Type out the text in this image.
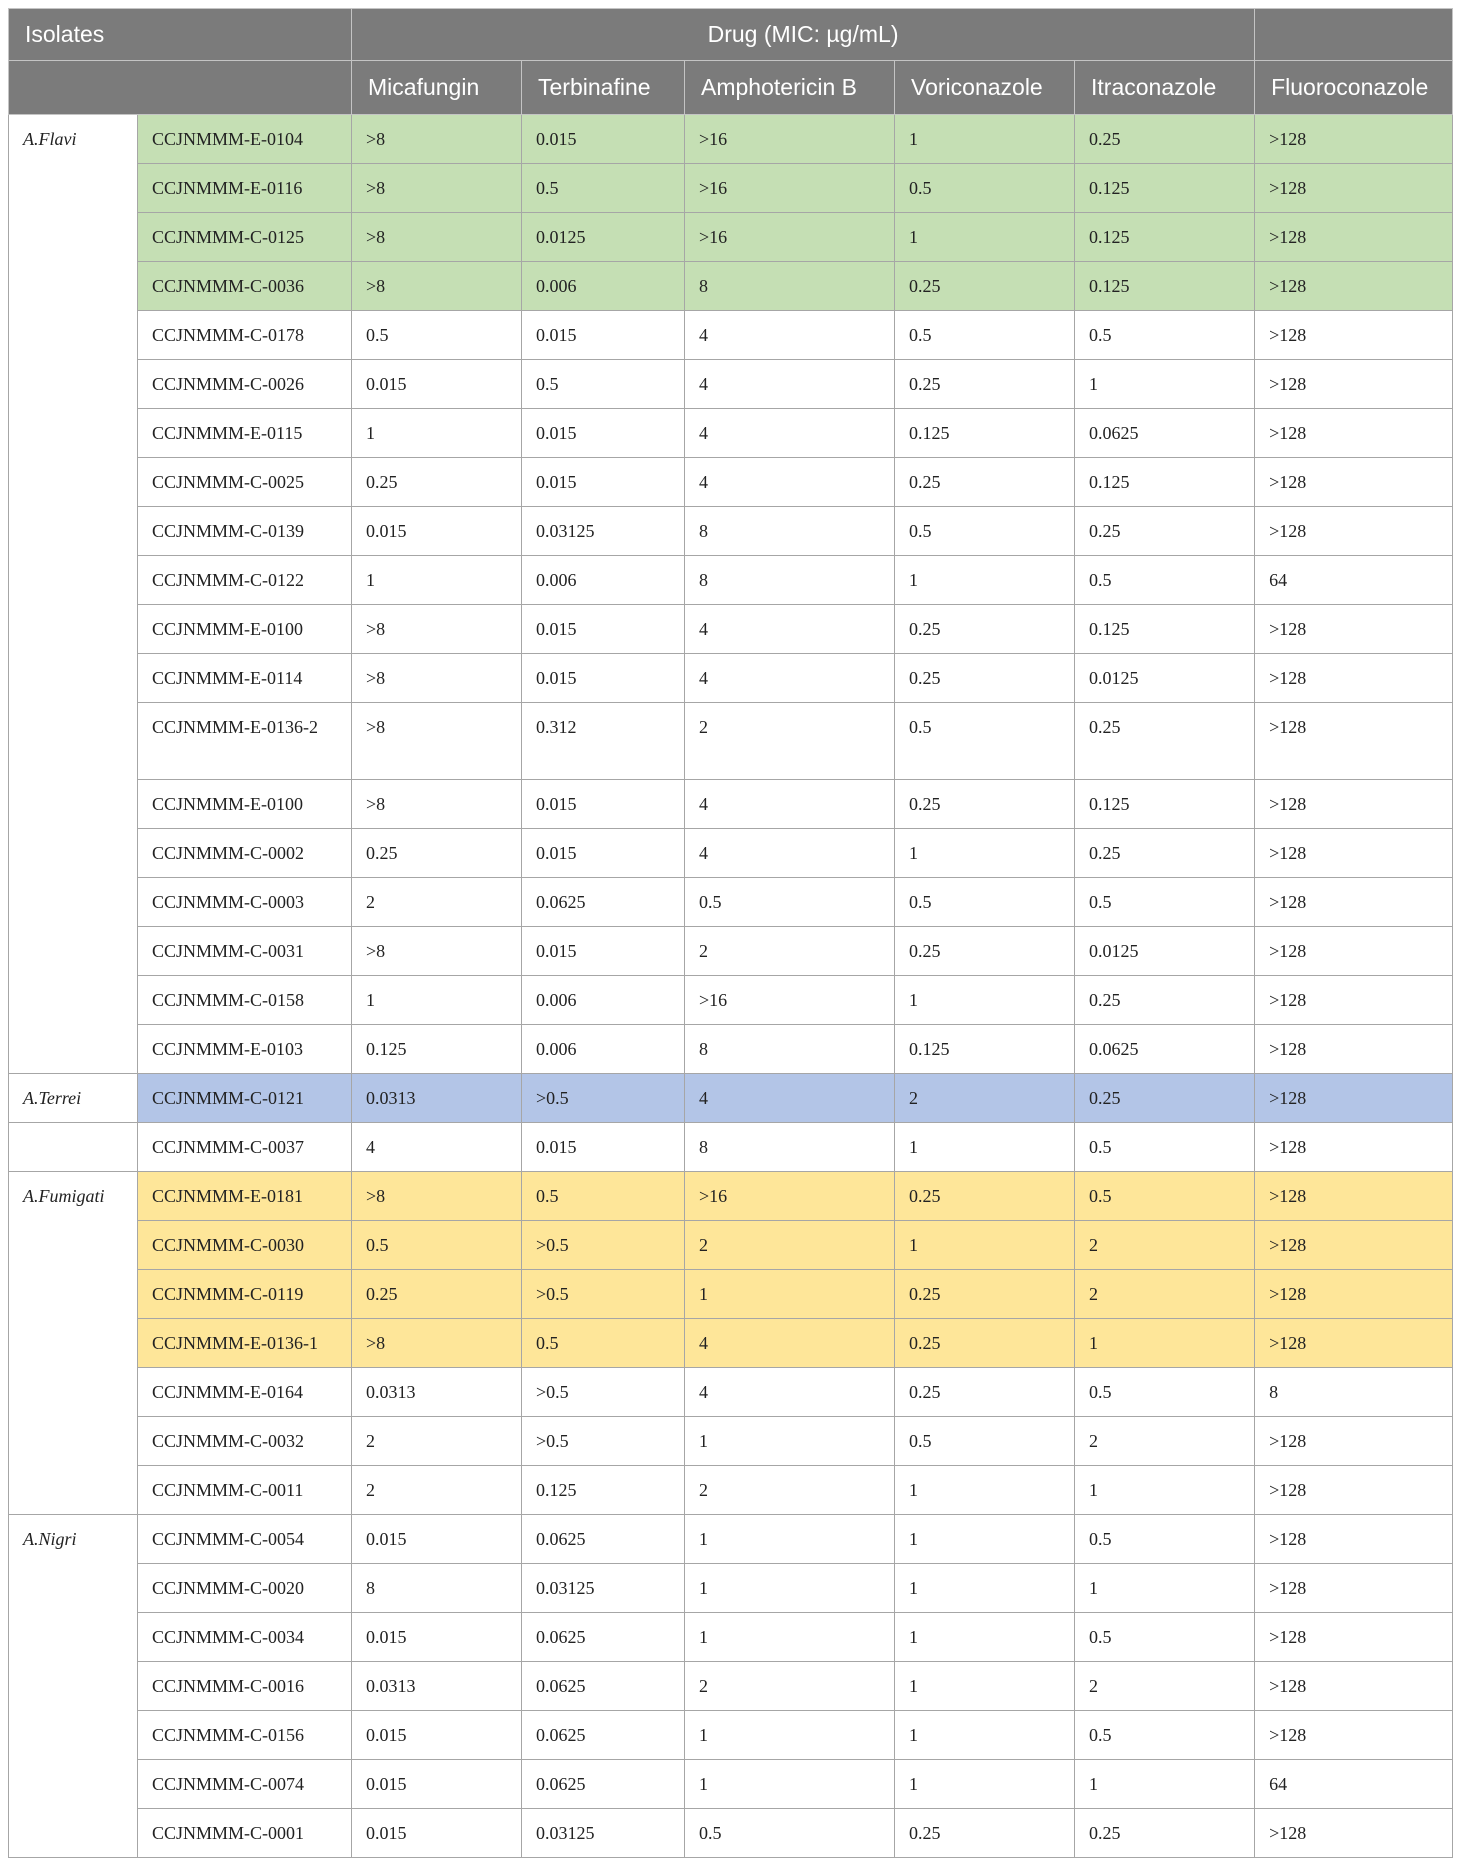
Isolates		Drug (MIC: µg/mL)					
		Micafungin	Terbinafine	Amphotericin B	Voriconazole	Itraconazole	Fluoroconazole
A.Flavi	CCJNMMM-E-0104	>8	0.015	>16	1	0.25	>128
	CCJNMMM-E-0116	>8	0.5	>16	0.5	0.125	>128
	CCJNMMM-C-0125	>8	0.0125	>16	1	0.125	>128
	CCJNMMM-C-0036	>8	0.006	8	0.25	0.125	>128
	CCJNMMM-C-0178	0.5	0.015	4	0.5	0.5	>128
	CCJNMMM-C-0026	0.015	0.5	4	0.25	1	>128
	CCJNMMM-E-0115	1	0.015	4	0.125	0.0625	>128
	CCJNMMM-C-0025	0.25	0.015	4	0.25	0.125	>128
	CCJNMMM-C-0139	0.015	0.03125	8	0.5	0.25	>128
	CCJNMMM-C-0122	1	0.006	8	1	0.5	64
	CCJNMMM-E-0100	>8	0.015	4	0.25	0.125	>128
	CCJNMMM-E-0114	>8	0.015	4	0.25	0.0125	>128
	CCJNMMM-E-0136-2	>8	0.312	2	0.5	0.25	>128
	CCJNMMM-E-0100	>8	0.015	4	0.25	0.125	>128
	CCJNMMM-C-0002	0.25	0.015	4	1	0.25	>128
	CCJNMMM-C-0003	2	0.0625	0.5	0.5	0.5	>128
	CCJNMMM-C-0031	>8	0.015	2	0.25	0.0125	>128
	CCJNMMM-C-0158	1	0.006	>16	1	0.25	>128
	CCJNMMM-E-0103	0.125	0.006	8	0.125	0.0625	>128
A.Terrei	CCJNMMM-C-0121	0.0313	>0.5	4	2	0.25	>128
	CCJNMMM-C-0037	4	0.015	8	1	0.5	>128
A.Fumigati	CCJNMMM-E-0181	>8	0.5	>16	0.25	0.5	>128
	CCJNMMM-C-0030	0.5	>0.5	2	1	2	>128
	CCJNMMM-C-0119	0.25	>0.5	1	0.25	2	>128
	CCJNMMM-E-0136-1	>8	0.5	4	0.25	1	>128
	CCJNMMM-E-0164	0.0313	>0.5	4	0.25	0.5	8
	CCJNMMM-C-0032	2	>0.5	1	0.5	2	>128
	CCJNMMM-C-0011	2	0.125	2	1	1	>128
A.Nigri	CCJNMMM-C-0054	0.015	0.0625	1	1	0.5	>128
	CCJNMMM-C-0020	8	0.03125	1	1	1	>128
	CCJNMMM-C-0034	0.015	0.0625	1	1	0.5	>128
	CCJNMMM-C-0016	0.0313	0.0625	2	1	2	>128
	CCJNMMM-C-0156	0.015	0.0625	1	1	0.5	>128
	CCJNMMM-C-0074	0.015	0.0625	1	1	1	64
	CCJNMMM-C-0001	0.015	0.03125	0.5	0.25	0.25	>128
